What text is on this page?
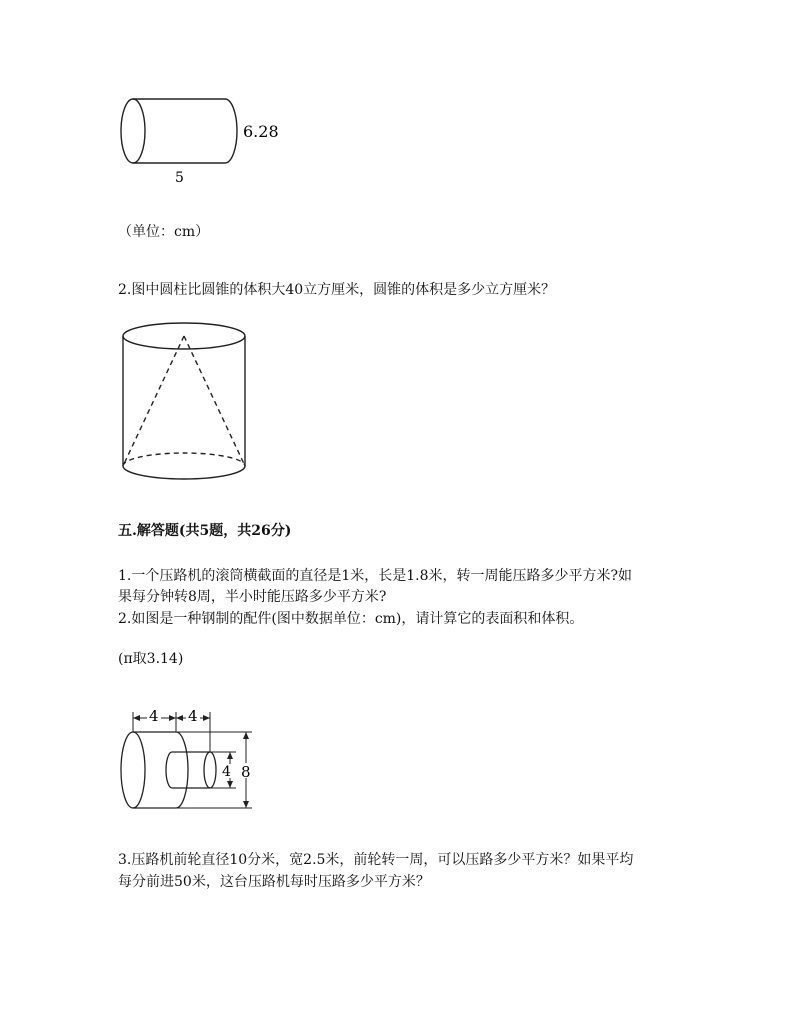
6.28
5
（单位：cm）
2.图中圆柱比圆锥的体积大40立方厘米，圆锥的体积是多少立方厘米？
五.解答题(共5题，共26分)
1.一个压路机的滚筒横截面的直径是1米，长是1.8米，转一周能压路多少平方米?如
果每分钟转8周，半小时能压路多少平方米?
2.如图是一种钢制的配件(图中数据单位：cm)，请计算它的表面积和体积。
(π取3.14)
4 4
4 8
3.压路机前轮直径10分米，宽2.5米，前轮转一周，可以压路多少平方米？如果平均
每分前进50米，这台压路机每时压路多少平方米？
